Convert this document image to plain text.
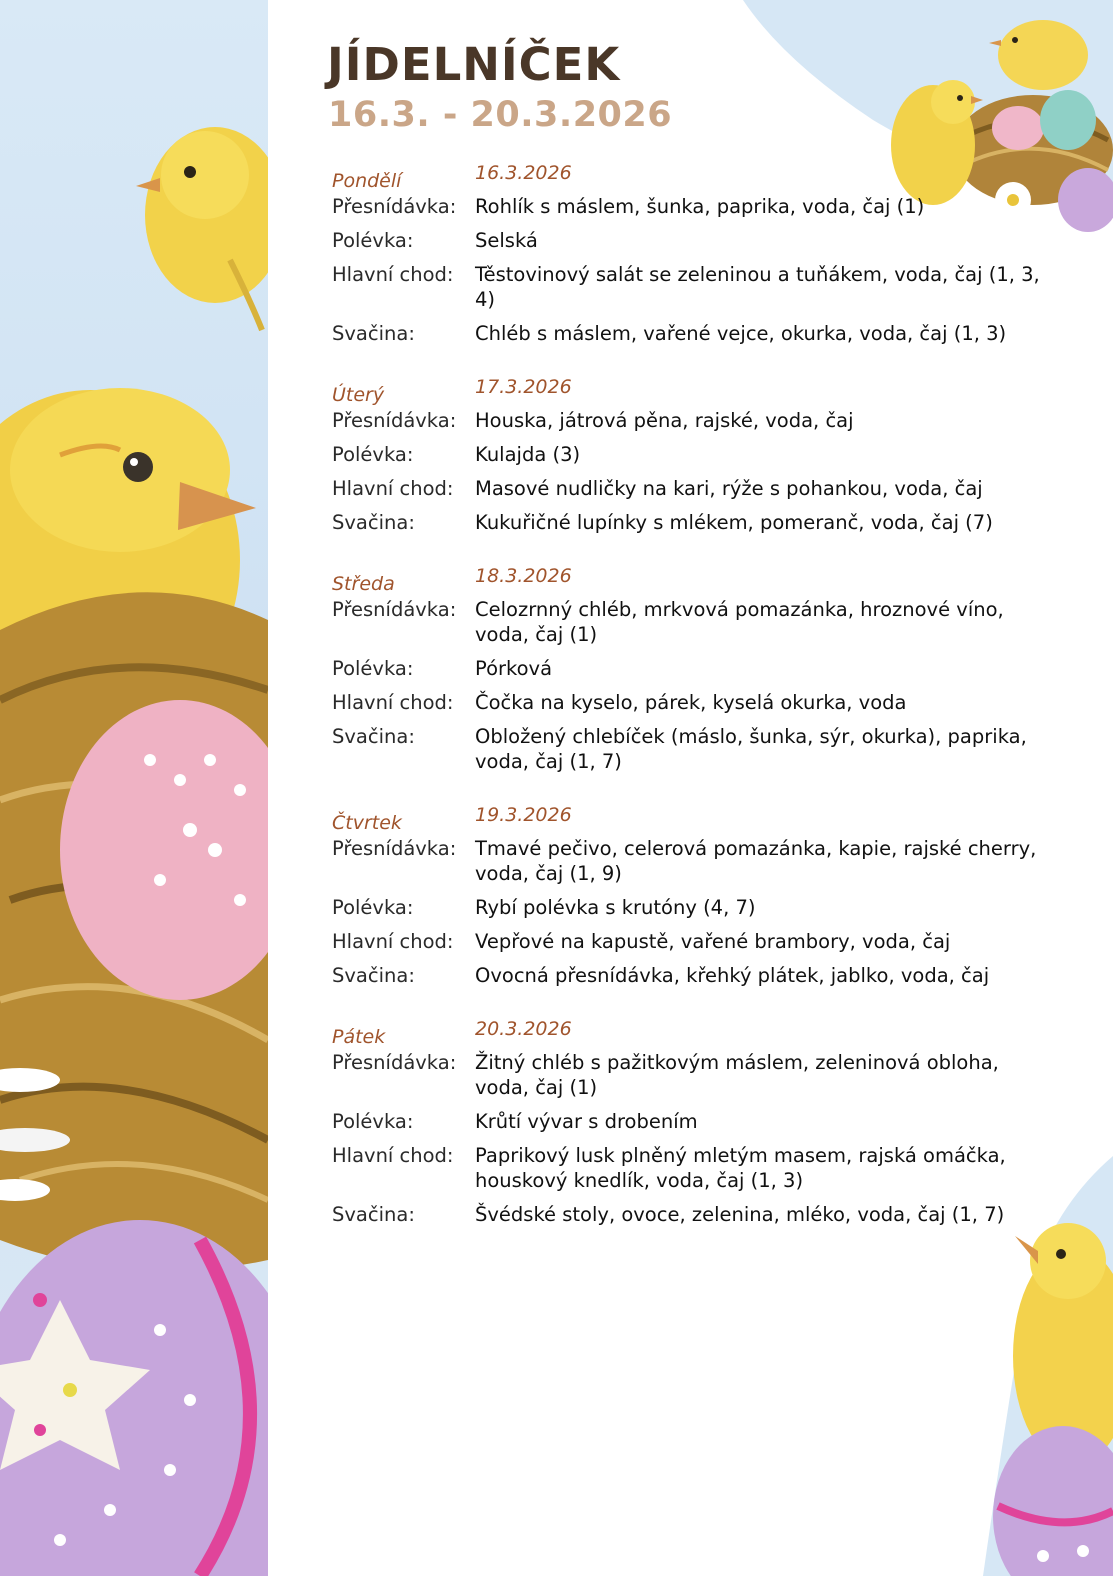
JÍDELNÍČEK
16.3. - 20.3.2026
Pondělí	16.3.2026
Přesnídávka: Rohlík s máslem, šunka, paprika, voda, čaj (1)
Polévka:	Selská
Hlavní chod:	Těstovinový salát se zeleninou a tuňákem, voda, čaj (1, 3, 4)
Svačina:	Chléb s máslem, vařené vejce, okurka, voda, čaj (1, 3)
Úterý	17.3.2026
Přesnídávka: Houska, játrová pěna, rajské, voda, čaj
Polévka:	Kulajda (3)
Hlavní chod:	Masové nudličky na kari, rýže s pohankou, voda, čaj
Svačina:	Kukuřičné lupínky s mlékem, pomeranč, voda, čaj (7)
Středa	18.3.2026
Přesnídávka: Celozrnný chléb, mrkvová pomazánka, hroznové víno, voda, čaj (1)
Polévka:	Pórková
Hlavní chod:	Čočka na kyselo, párek, kyselá okurka, voda
Svačina:	Obložený chlebíček (máslo, šunka, sýr, okurka), paprika, voda, čaj (1, 7)
Čtvrtek	19.3.2026
Přesnídávka: Tmavé pečivo, celerová pomazánka, kapie, rajské cherry, voda, čaj (1, 9)
Polévka:	Rybí polévka s krutóny (4, 7)
Hlavní chod:	Vepřové na kapustě, vařené brambory, voda, čaj
Svačina:	Ovocná přesnídávka, křehký plátek, jablko, voda, čaj
Pátek	20.3.2026
Přesnídávka: Žitný chléb s pažitkovým máslem, zeleninová obloha, voda, čaj (1)
Polévka:	Krůtí vývar s drobením
Hlavní chod:	Paprikový lusk plněný mletým masem, rajská omáčka, houskový knedlík, voda, čaj (1, 3)
Svačina:	Švédské stoly, ovoce, zelenina, mléko, voda, čaj (1, 7)
